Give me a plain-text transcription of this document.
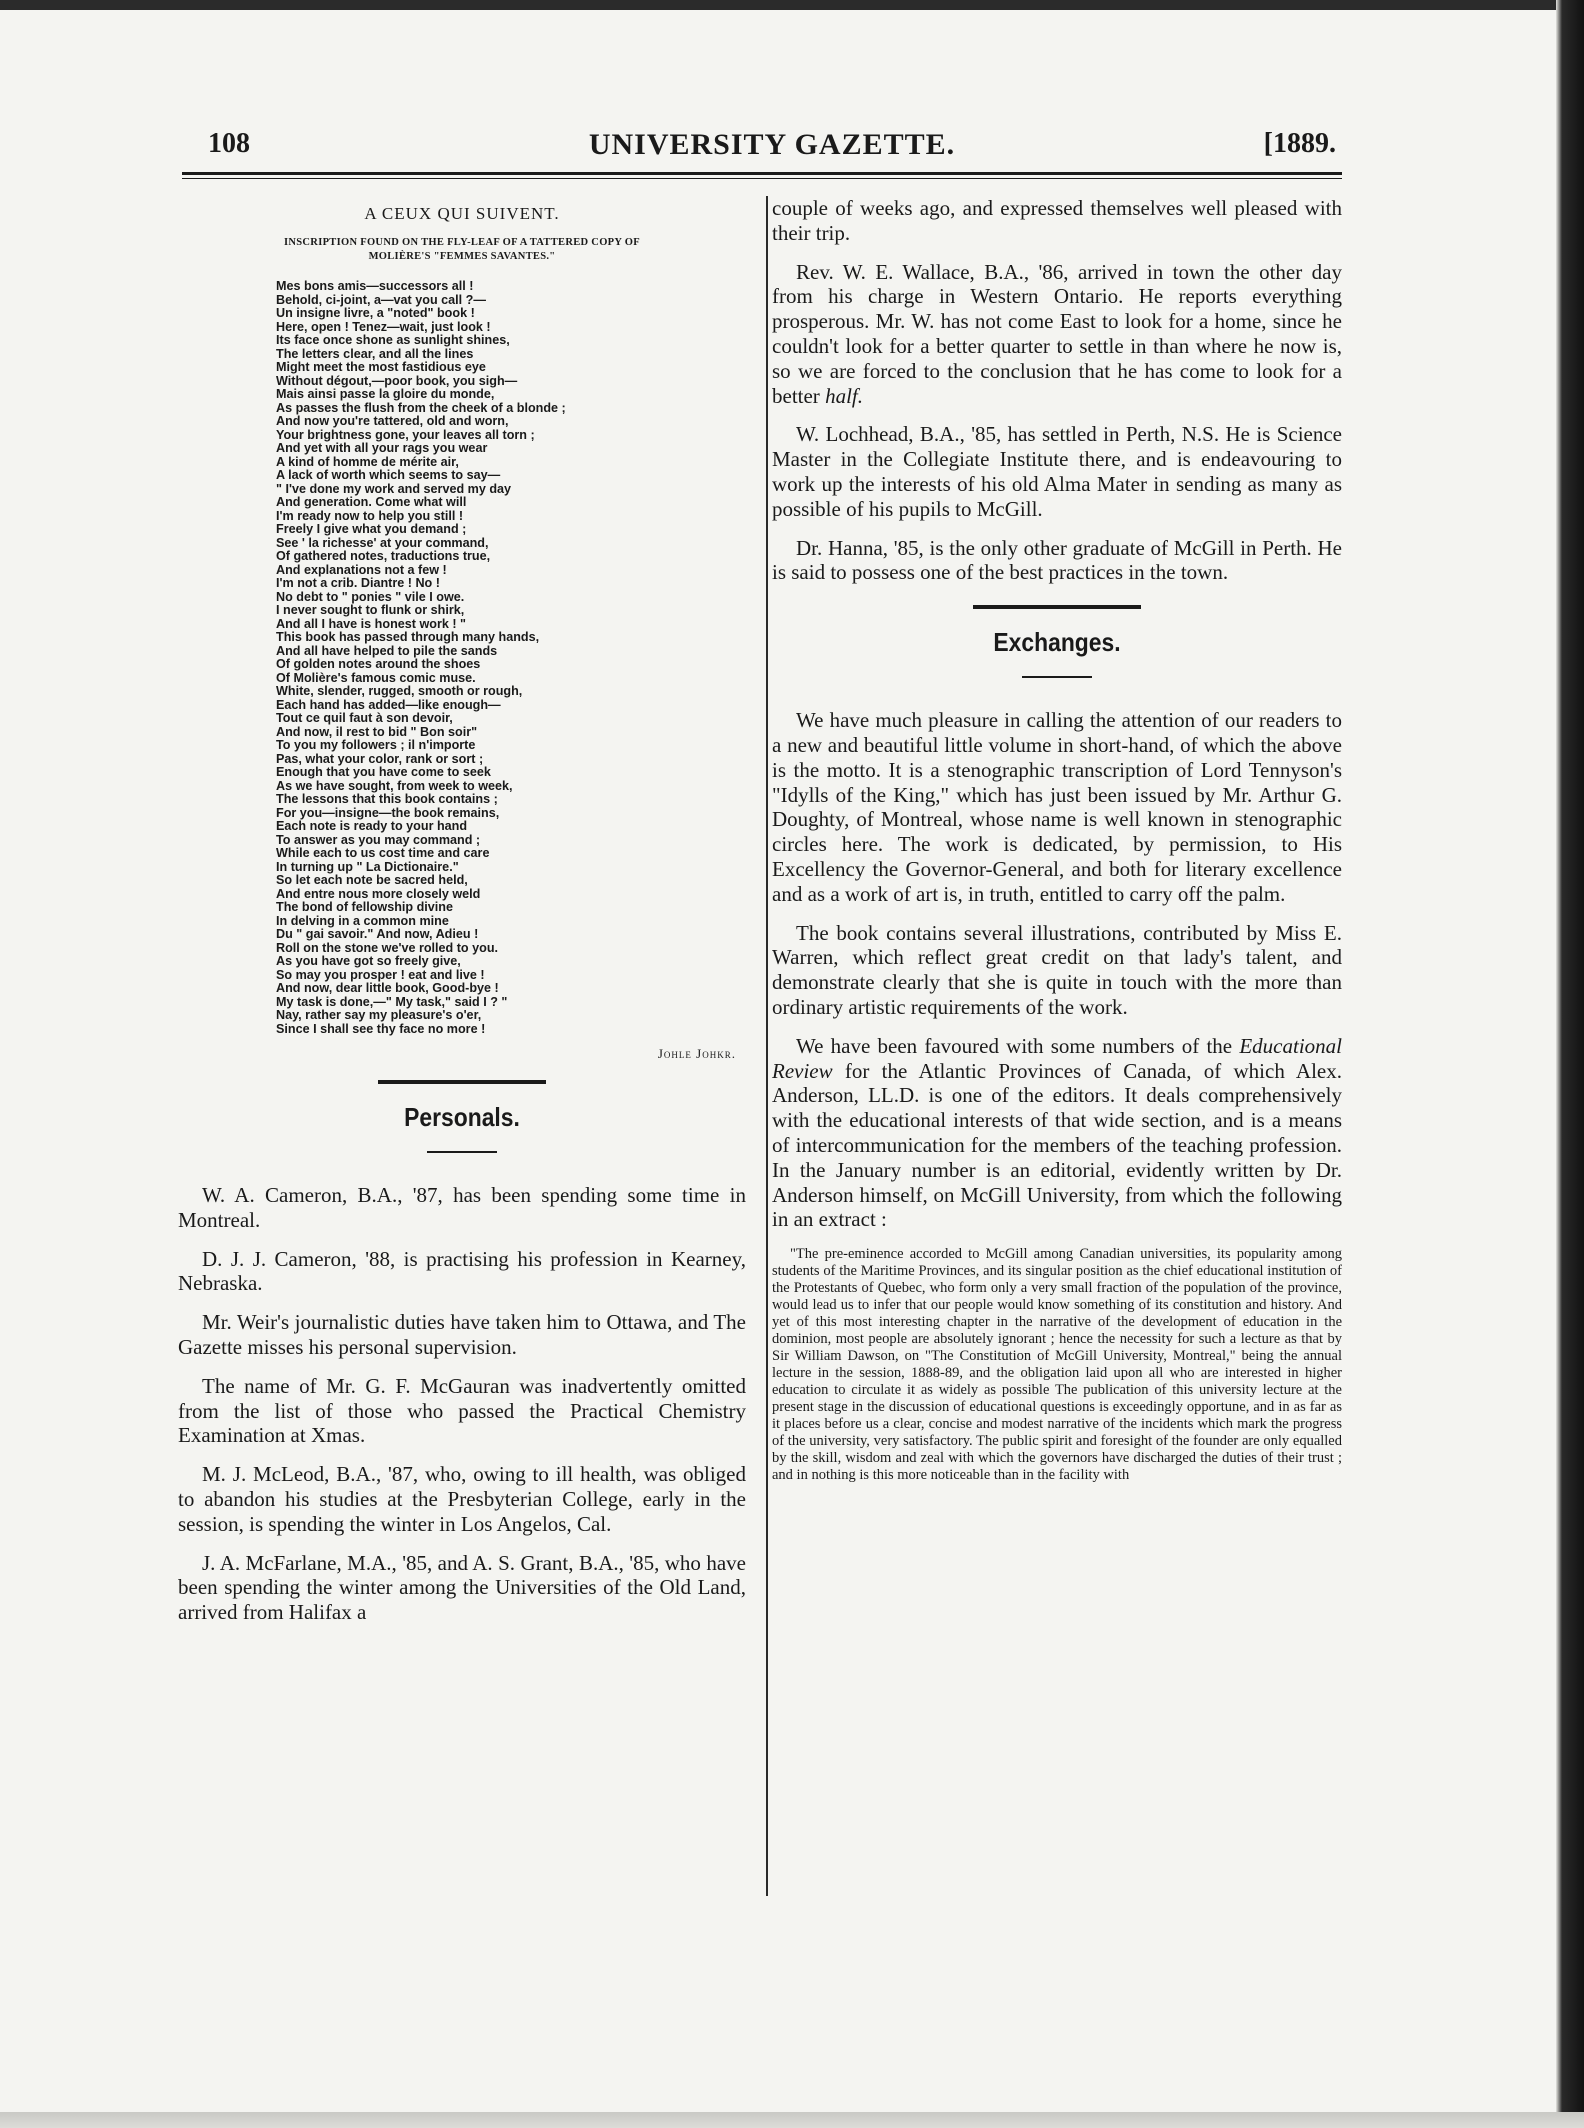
108	UNIVERSITY GAZETTE.	[1889.
A CEUX QUI SUIVENT.
INSCRIPTION FOUND ON THE FLY-LEAF OF A TATTERED COPY OF
MOLIÈRE'S "FEMMES SAVANTES."
Mes bons amis—successors all !
Behold, ci-joint, a—vat you call ?—
Un insigne livre, a "noted" book !
Here, open ! Tenez—wait, just look !
Its face once shone as sunlight shines,
The letters clear, and all the lines
Might meet the most fastidious eye
Without dégout,—poor book, you sigh—
Mais ainsi passe la gloire du monde,
As passes the flush from the cheek of a blonde ;
And now you're tattered, old and worn,
Your brightness gone, your leaves all torn ;
And yet with all your rags you wear
A kind of homme de mérite air,
A lack of worth which seems to say—
" I've done my work and served my day
And generation. Come what will
I'm ready now to help you still !
Freely I give what you demand ;
See ' la richesse' at your command,
Of gathered notes, traductions true,
And explanations not a few !
I'm not a crib. Diantre ! No !
No debt to " ponies " vile I owe.
I never sought to flunk or shirk,
And all I have is honest work ! "
This book has passed through many hands,
And all have helped to pile the sands
Of golden notes around the shoes
Of Molière's famous comic muse.
White, slender, rugged, smooth or rough,
Each hand has added—like enough—
Tout ce quil faut à son devoir,
And now, il rest to bid " Bon soir"
To you my followers ; il n'importe
Pas, what your color, rank or sort ;
Enough that you have come to seek
As we have sought, from week to week,
The lessons that this book contains ;
For you—insigne—the book remains,
Each note is ready to your hand
To answer as you may command ;
While each to us cost time and care
In turning up " La Dictionaire."
So let each note be sacred held,
And entre nous more closely weld
The bond of fellowship divine
In delving in a common mine
Du " gai savoir." And now, Adieu !
Roll on the stone we've rolled to you.
As you have got so freely give,
So may you prosper ! eat and live !
And now, dear little book, Good-bye !
My task is done,—" My task," said I ? "
Nay, rather say my pleasure's o'er,
Since I shall see thy face no more !
Johle Johkr.
Personals.

W. A. Cameron, B.A., '87, has been spending some time in Montreal.

D. J. J. Cameron, '88, is practising his profession in Kearney, Nebraska.

Mr. Weir's journalistic duties have taken him to Ottawa, and The Gazette misses his personal supervision.

The name of Mr. G. F. McGauran was inadvertently omitted from the list of those who passed the Practical Chemistry Examination at Xmas.

M. J. McLeod, B.A., '87, who, owing to ill health, was obliged to abandon his studies at the Presbyterian College, early in the session, is spending the winter in Los Angelos, Cal.

J. A. McFarlane, M.A., '85, and A. S. Grant, B.A., '85, who have been spending the winter among the Universities of the Old Land, arrived from Halifax a

couple of weeks ago, and expressed themselves well pleased with their trip.

Rev. W. E. Wallace, B.A., '86, arrived in town the other day from his charge in Western Ontario. He reports everything prosperous. Mr. W. has not come East to look for a home, since he couldn't look for a better quarter to settle in than where he now is, so we are forced to the conclusion that he has come to look for a better half.

W. Lochhead, B.A., '85, has settled in Perth, N.S. He is Science Master in the Collegiate Institute there, and is endeavouring to work up the interests of his old Alma Mater in sending as many as possible of his pupils to McGill.

Dr. Hanna, '85, is the only other graduate of McGill in Perth. He is said to possess one of the best practices in the town.

Exchanges.

We have much pleasure in calling the attention of our readers to a new and beautiful little volume in short-hand, of which the above is the motto. It is a stenographic transcription of Lord Tennyson's "Idylls of the King," which has just been issued by Mr. Arthur G. Doughty, of Montreal, whose name is well known in stenographic circles here. The work is dedicated, by permission, to His Excellency the Governor-General, and both for literary excellence and as a work of art is, in truth, entitled to carry off the palm.

The book contains several illustrations, contributed by Miss E. Warren, which reflect great credit on that lady's talent, and demonstrate clearly that she is quite in touch with the more than ordinary artistic requirements of the work.

We have been favoured with some numbers of the Educational Review for the Atlantic Provinces of Canada, of which Alex. Anderson, LL.D. is one of the editors. It deals comprehensively with the educational interests of that wide section, and is a means of intercommunication for the members of the teaching profession. In the January number is an editorial, evidently written by Dr. Anderson himself, on McGill University, from which the following in an extract :

"The pre-eminence accorded to McGill among Canadian universities, its popularity among students of the Maritime Provinces, and its singular position as the chief educational institution of the Protestants of Quebec, who form only a very small fraction of the population of the province, would lead us to infer that our people would know something of its constitution and history. And yet of this most interesting chapter in the narrative of the development of education in the dominion, most people are absolutely ignorant ; hence the necessity for such a lecture as that by Sir William Dawson, on "The Constitution of McGill University, Montreal," being the annual lecture in the session, 1888-89, and the obligation laid upon all who are interested in higher education to circulate it as widely as possible The publication of this university lecture at the present stage in the discussion of educational questions is exceedingly opportune, and in as far as it places before us a clear, concise and modest narrative of the incidents which mark the progress of the university, very satisfactory. The public spirit and foresight of the founder are only equalled by the skill, wisdom and zeal with which the governors have discharged the duties of their trust ; and in nothing is this more noticeable than in the facility with
